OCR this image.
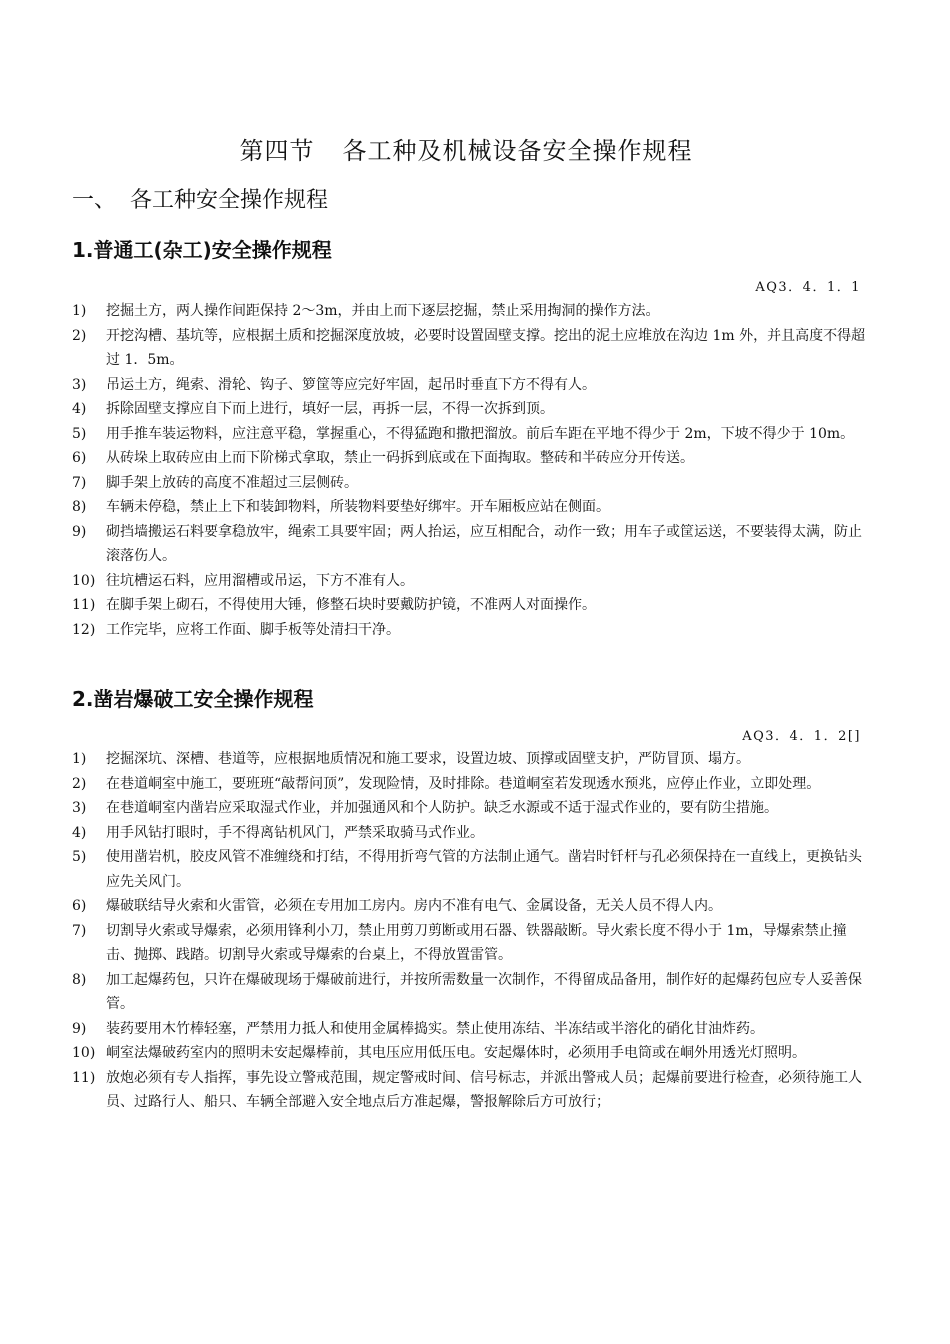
第四节 各工种及机械设备安全操作规程
一、 各工种安全操作规程
1.普通工(杂工)安全操作规程
AQ3．4．1．1
1) 挖掘土方，两人操作间距保持 2～3m，并由上而下逐层挖掘，禁止采用掏洞的操作方法。
2) 开挖沟槽、基坑等，应根据土质和挖掘深度放坡，必要时设置固壁支撑。挖出的泥土应堆放在沟边 1m 外，并且高度不得超过 1．5m。
3) 吊运土方，绳索、滑轮、钩子、箩筐等应完好牢固，起吊时垂直下方不得有人。
4) 拆除固壁支撑应自下而上进行，填好一层，再拆一层，不得一次拆到顶。
5) 用手推车装运物料，应注意平稳，掌握重心，不得猛跑和撒把溜放。前后车距在平地不得少于 2m，下坡不得少于 10m。
6) 从砖垛上取砖应由上而下阶梯式拿取，禁止一码拆到底或在下面掏取。整砖和半砖应分开传送。
7) 脚手架上放砖的高度不准超过三层侧砖。
8) 车辆未停稳，禁止上下和装卸物料，所装物料要垫好绑牢。开车厢板应站在侧面。
9) 砌挡墙搬运石料要拿稳放牢，绳索工具要牢固；两人抬运，应互相配合，动作一致；用车子或筐运送，不要装得太满，防止滚落伤人。
10) 往坑槽运石料，应用溜槽或吊运，下方不准有人。
11) 在脚手架上砌石，不得使用大锤，修整石块时要戴防护镜，不准两人对面操作。
12) 工作完毕，应将工作面、脚手板等处清扫干净。
2.凿岩爆破工安全操作规程
AQ3．4．1．2[]
1) 挖掘深坑、深槽、巷道等，应根据地质情况和施工要求，设置边坡、顶撑或固壁支护，严防冒顶、塌方。
2) 在巷道峒室中施工，要班班“敲帮问顶”，发现险情，及时排除。巷道峒室若发现透水预兆，应停止作业，立即处理。
3) 在巷道峒室内凿岩应采取湿式作业，并加强通风和个人防护。缺乏水源或不适于湿式作业的，要有防尘措施。
4) 用手风钻打眼时，手不得离钻机风门，严禁采取骑马式作业。
5) 使用凿岩机，胶皮风管不准缠绕和打结，不得用折弯气管的方法制止通气。凿岩时钎杆与孔必须保持在一直线上，更换钻头应先关风门。
6) 爆破联结导火索和火雷管，必须在专用加工房内。房内不准有电气、金属设备，无关人员不得人内。
7) 切割导火索或导爆索，必须用锋利小刀，禁止用剪刀剪断或用石器、铁器敲断。导火索长度不得小于 1m，导爆索禁止撞击、抛掷、践踏。切割导火索或导爆索的台桌上，不得放置雷管。
8) 加工起爆药包，只许在爆破现场于爆破前进行，并按所需数量一次制作，不得留成品备用，制作好的起爆药包应专人妥善保管。
9) 装药要用木竹棒轻塞，严禁用力抵人和使用金属棒捣实。禁止使用冻结、半冻结或半溶化的硝化甘油炸药。
10) 峒室法爆破药室内的照明未安起爆棒前，其电压应用低压电。安起爆体时，必须用手电筒或在峒外用透光灯照明。
11) 放炮必须有专人指挥，事先设立警戒范围，规定警戒时间、信号标志，并派出警戒人员；起爆前要进行检查，必须待施工人员、过路行人、船只、车辆全部避入安全地点后方准起爆，警报解除后方可放行；
